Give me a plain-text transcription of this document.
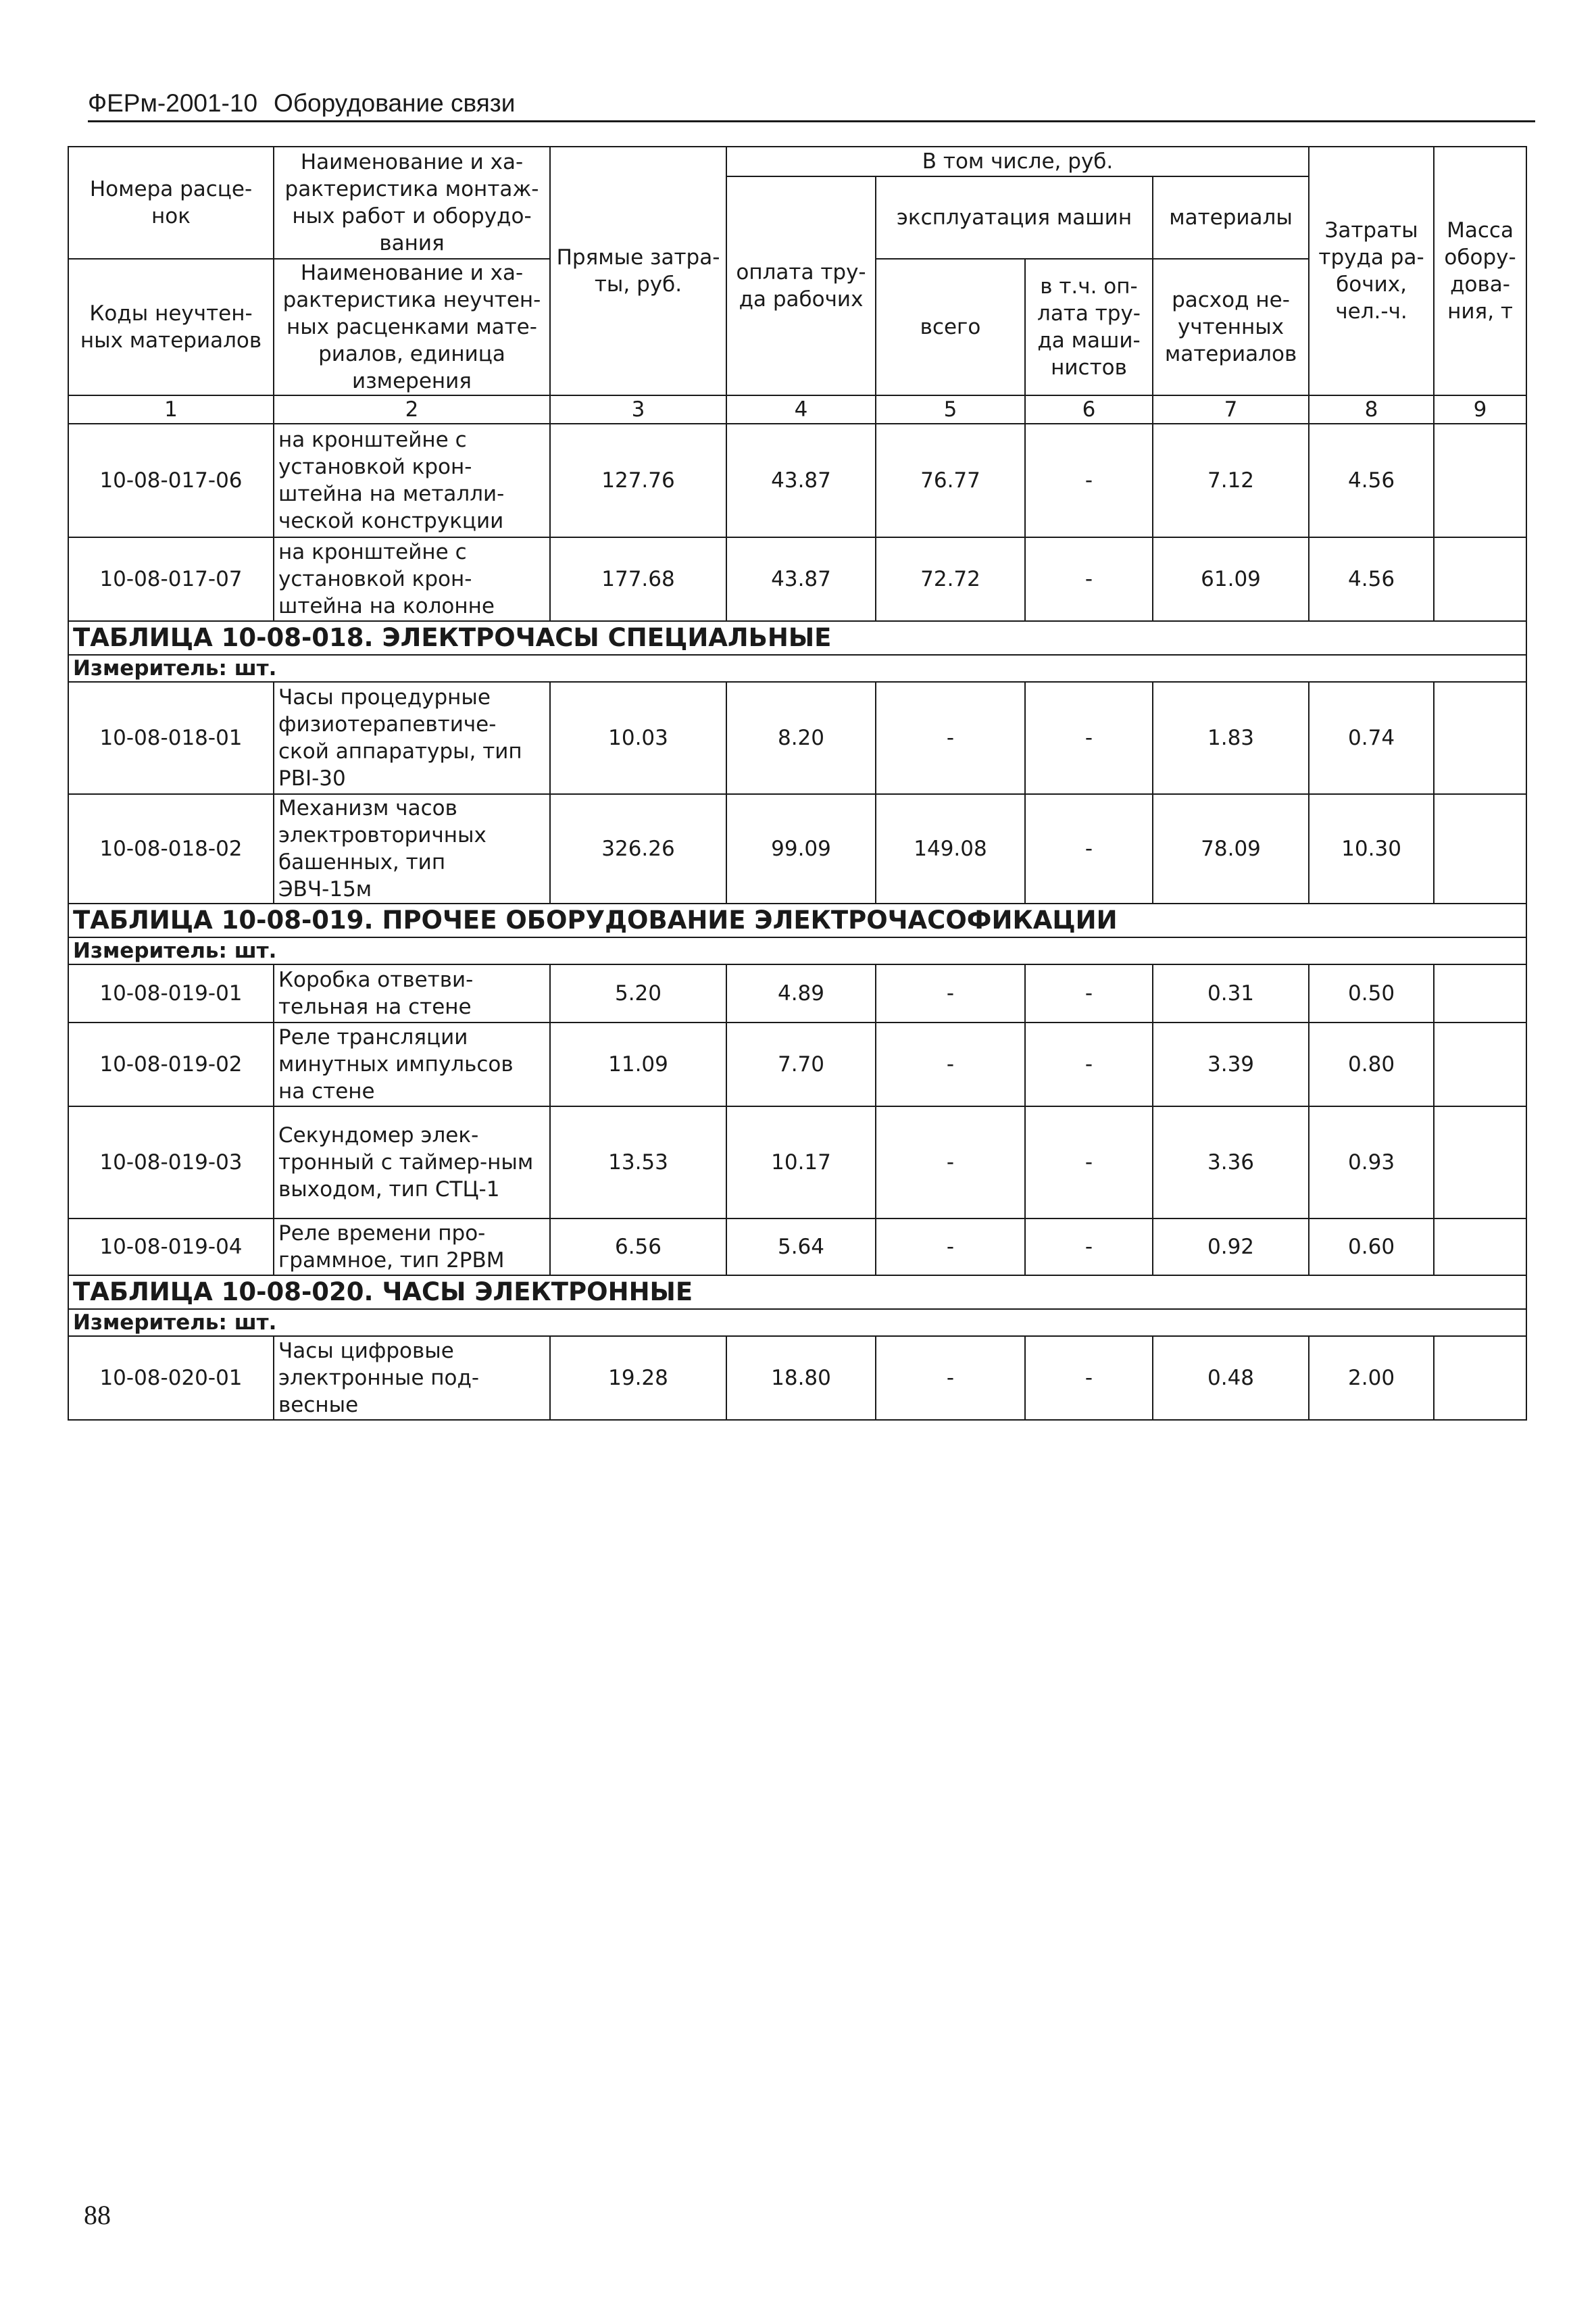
ФЕРм-2001-10 Оборудование связи
Номера расце-нок	Наименование и ха-рактеристика монтаж-ных работ и оборудо-вания	Прямые затра-ты, руб.	В том числе, руб.				Затраты труда ра-бочих, чел.-ч.	Масса обору-дова-ния, т
			оплата тру-да рабочих	эксплуатация машин		материалы		
Коды неучтен-ных материалов	Наименование и ха-рактеристика неучтен-ных расценками мате-риалов, единица измерения			всего	в т.ч. оп-лата тру-да маши-нистов	расход не-учтенных материалов		

1	2	3	4	5	6	7	8	9
10-08-017-06	на кронштейне с установкой крон-штейна на металли-ческой конструкции	127.76	43.87	76.77	-	7.12	4.56	
10-08-017-07	на кронштейне с установкой крон-штейна на колонне	177.68	43.87	72.72	-	61.09	4.56	
ТАБЛИЦА 10-08-018. ЭЛЕКТРОЧАСЫ СПЕЦИАЛЬНЫЕ								
Измеритель: шт.								
10-08-018-01	Часы процедурные физиотерапевтиче-ской аппаратуры, тип PBI-30	10.03	8.20	-	-	1.83	0.74	
10-08-018-02	Механизм часов электровторичных башенных, тип ЭВЧ-15м	326.26	99.09	149.08	-	78.09	10.30	
ТАБЛИЦА 10-08-019. ПРОЧЕЕ ОБОРУДОВАНИЕ ЭЛЕКТРОЧАСОФИКАЦИИ								
Измеритель: шт.								
10-08-019-01	Коробка ответви-тельная на стене	5.20	4.89	-	-	0.31	0.50	
10-08-019-02	Реле трансляции минутных импульсов на стене	11.09	7.70	-	-	3.39	0.80	
10-08-019-03	Секундомер элек-тронный с таймер-ным выходом, тип СТЦ-1	13.53	10.17	-	-	3.36	0.93	
10-08-019-04	Реле времени про-граммное, тип 2РВМ	6.56	5.64	-	-	0.92	0.60	
ТАБЛИЦА 10-08-020. ЧАСЫ ЭЛЕКТРОННЫЕ								
Измеритель: шт.								
10-08-020-01	Часы цифровые электронные под-весные	19.28	18.80	-	-	0.48	2.00	
88
